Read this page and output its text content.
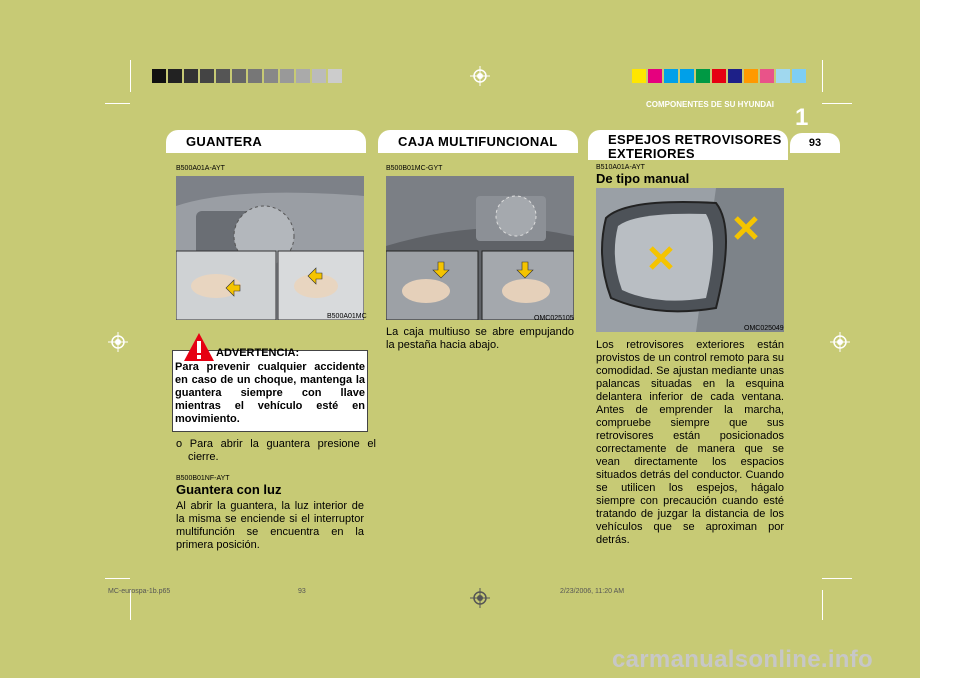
COMPONENTES DE SU HYUNDAI 1
93
GUANTERA	CAJA MULTIFUNCIONAL	ESPEJOS RETROVISORES
EXTERIORES
B500A01A-AYT
B500A01MC
ADVERTENCIA:
Para prevenir cualquier accidente en caso de un choque, mantenga la guantera siempre con llave mientras el vehículo esté en movimiento.
o Para abrir la guantera presione el cierre.
B500B01NF-AYT
Guantera con luz
Al abrir la guantera, la luz interior de la misma se enciende si el interruptor multifunción se encuentra en la primera posición.
B500B01MC-GYT
OMC025105
La caja multiuso se abre empujando la pestaña hacia abajo.
B510A01A-AYT
De tipo manual
OMC025049
Los retrovisores exteriores están provistos de un control remoto para su comodidad. Se ajustan mediante unas palancas situadas en la esquina delantera inferior de cada ventana. Antes de emprender la marcha, compruebe siempre que sus retrovisores están posicionados correctamente de manera que se vean directamente los espacios situados detrás del conductor. Cuando se utilicen los espejos, hágalo siempre con precaución cuando esté tratando de juzgar la distancia de los vehículos que se aproximan por detrás.
MC-eurospa-1b.p65	93	2/23/2006, 11:20 AM
carmanualsonline.info
